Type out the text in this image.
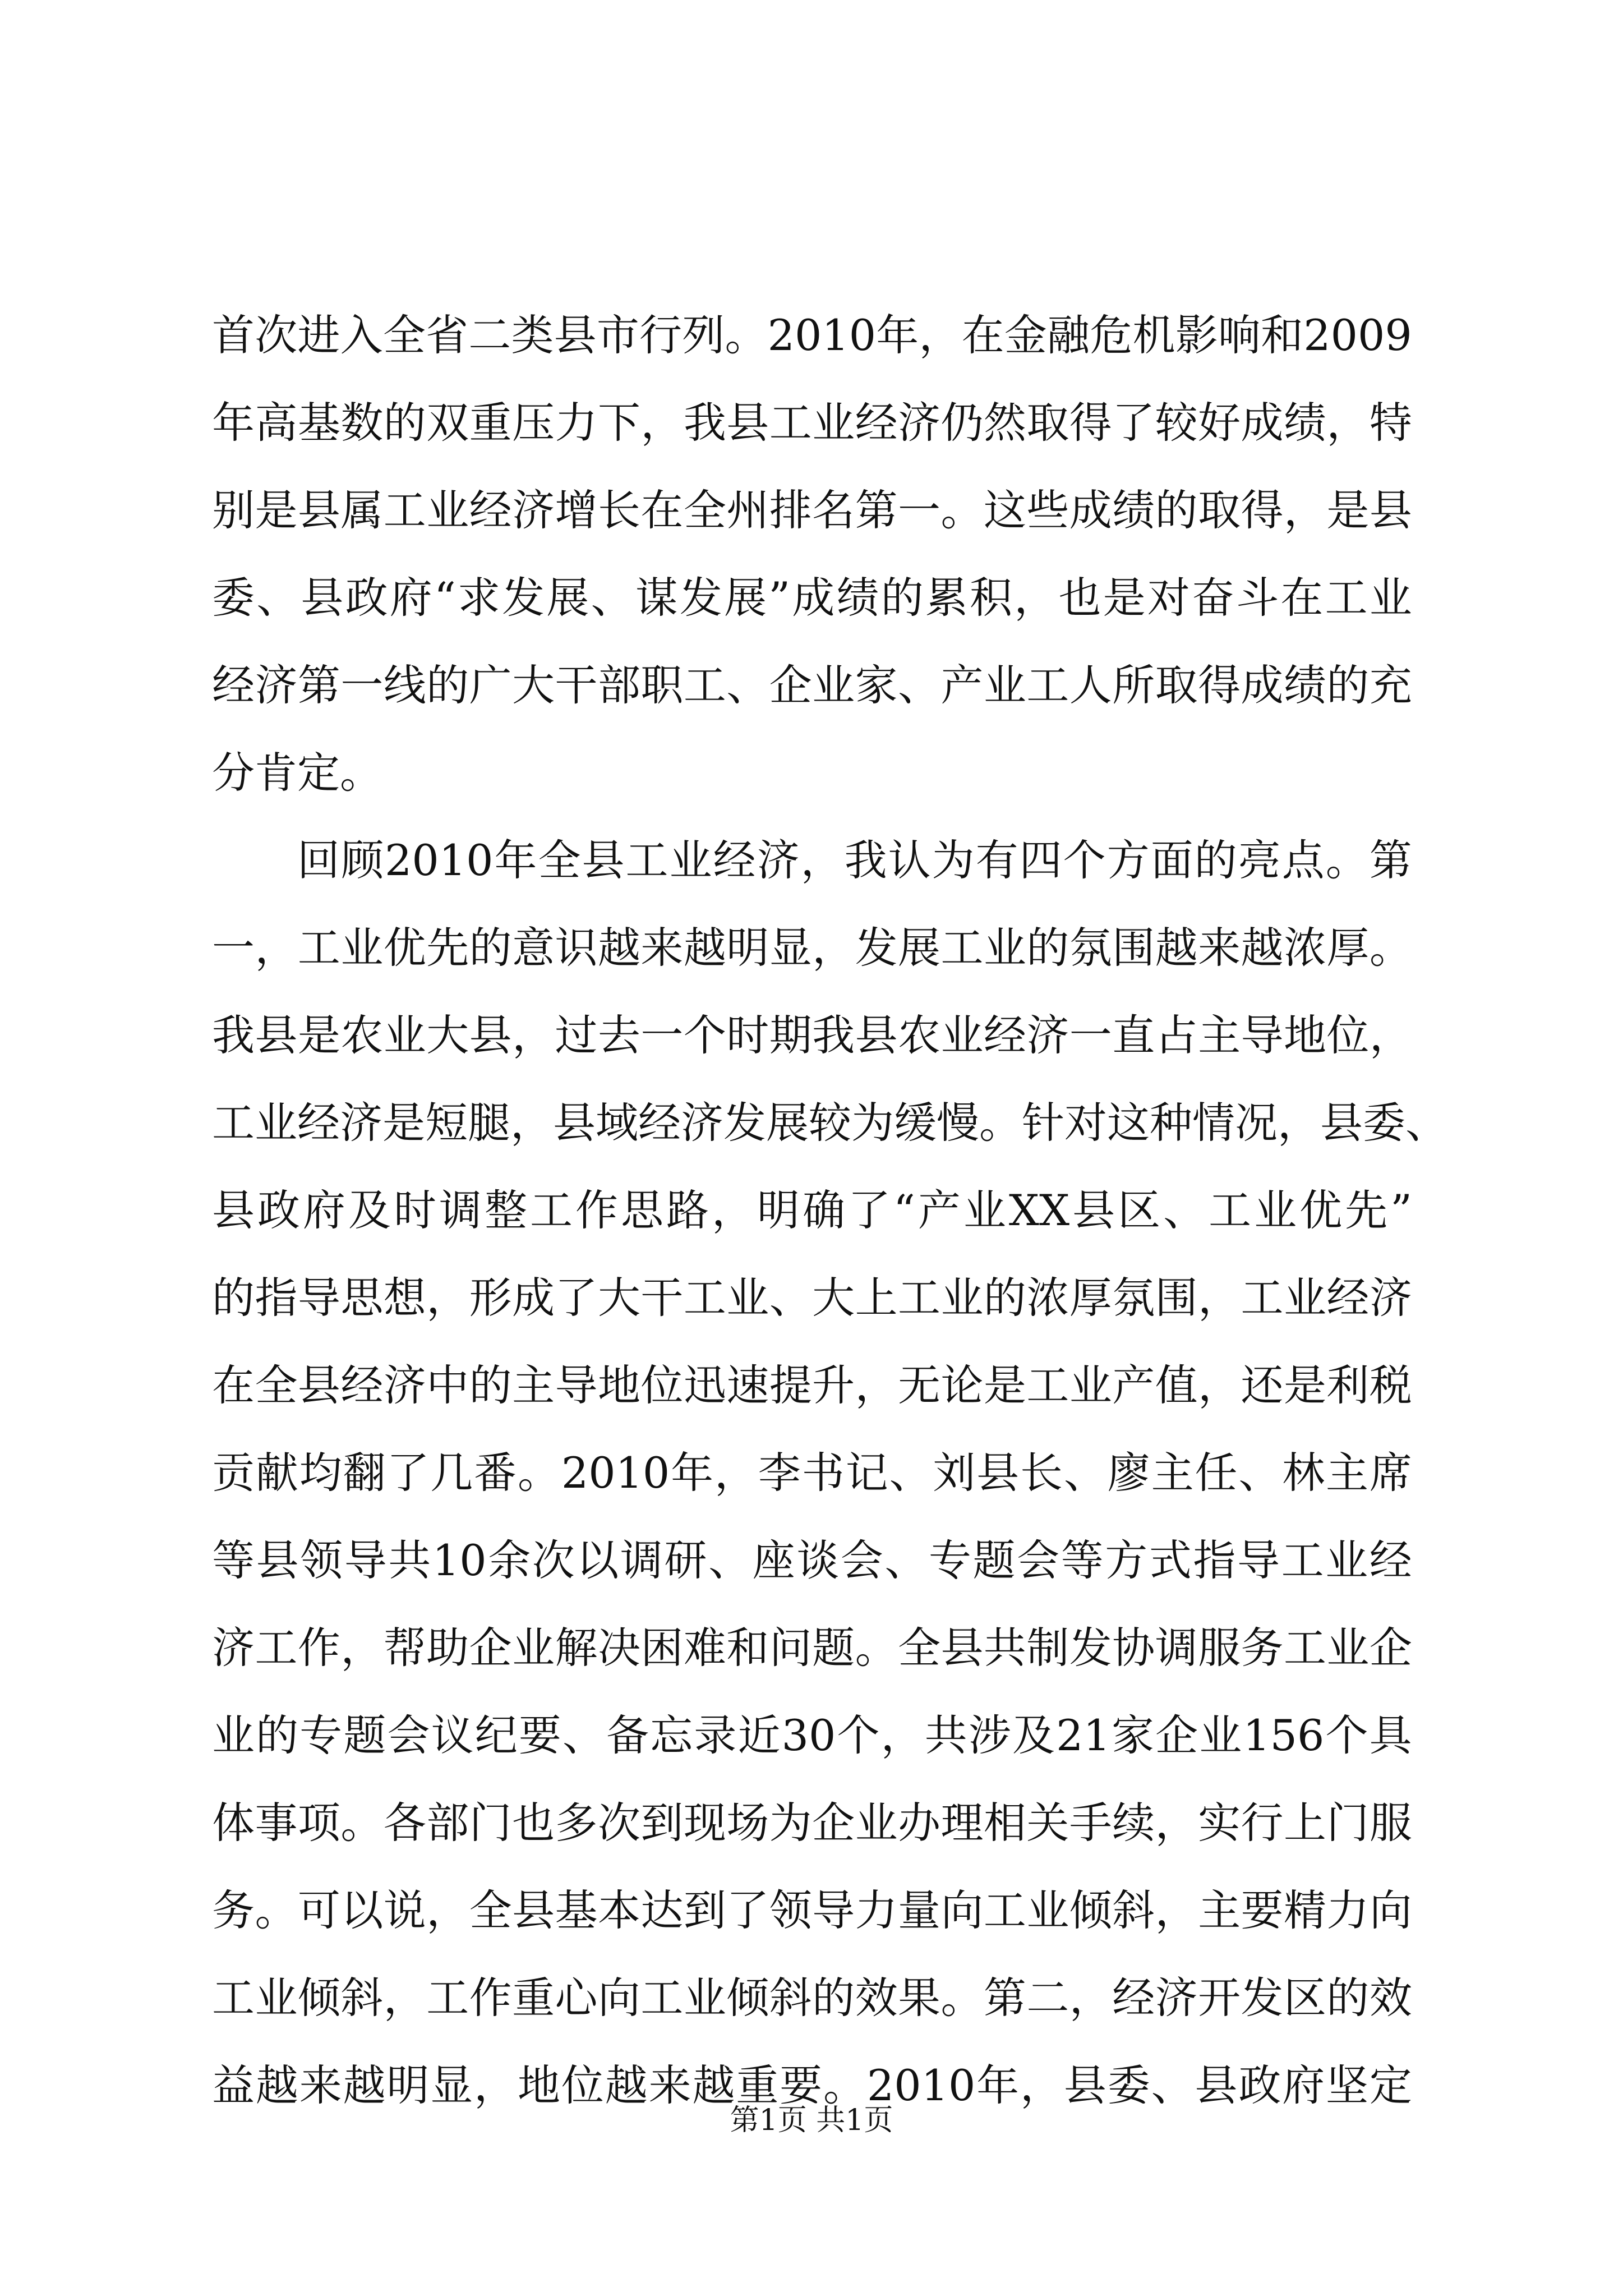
首 次 进 入 全 省 二 类 县 市 行 列 。 2010 年 ， 在 金 融 危 机 影 响 和 2009
年 高 基 数 的 双 重 压 力 下 ， 我 县 工 业 经 济 仍 然 取 得 了 较 好 成 绩 ， 特
别 是 县 属 工 业 经 济 增 长 在 全 州 排 名 第 一 。 这 些 成 绩 的 取 得 ， 是 县
委 、 县 政 府 “ 求 发 展 、 谋 发 展 ” 成 绩 的 累 积 ， 也 是 对 奋 斗 在 工 业
经 济 第 一 线 的 广 大 干 部 职 工 、 企 业 家 、 产 业 工 人 所 取 得 成 绩 的 充
分肯定。
回 顾 2010 年 全 县 工 业 经 济 ， 我 认 为 有 四 个 方 面 的 亮 点 。 第
一 ， 工 业 优 先 的 意 识 越 来 越 明 显 ， 发 展 工 业 的 氛 围 越 来 越 浓 厚 。
我 县 是 农 业 大 县 ， 过 去 一 个 时 期 我 县 农 业 经 济 一 直 占 主 导 地 位 ，
工 业 经 济 是 短 腿 ， 县 域 经 济 发 展 较 为 缓 慢 。 针 对 这 种 情 况 ， 县 委 、
县 政 府 及 时 调 整 工 作 思 路 ， 明 确 了 “ 产 业 XX 县 区 、 工 业 优 先 ”
的 指 导 思 想 ， 形 成 了 大 干 工 业 、 大 上 工 业 的 浓 厚 氛 围 ， 工 业 经 济
在 全 县 经 济 中 的 主 导 地 位 迅 速 提 升 ， 无 论 是 工 业 产 值 ， 还 是 利 税
贡 献 均 翻 了 几 番 。 2010 年 ， 李 书 记 、 刘 县 长 、 廖 主 任 、 林 主 席
等 县 领 导 共 10 余 次 以 调 研 、 座 谈 会 、 专 题 会 等 方 式 指 导 工 业 经
济 工 作 ， 帮 助 企 业 解 决 困 难 和 问 题 。 全 县 共 制 发 协 调 服 务 工 业 企
业 的 专 题 会 议 纪 要 、 备 忘 录 近 30 个 ， 共 涉 及 21 家 企 业 156 个 具
体 事 项 。 各 部 门 也 多 次 到 现 场 为 企 业 办 理 相 关 手 续 ， 实 行 上 门 服
务 。 可 以 说 ， 全 县 基 本 达 到 了 领 导 力 量 向 工 业 倾 斜 ， 主 要 精 力 向
工 业 倾 斜 ， 工 作 重 心 向 工 业 倾 斜 的 效 果 。 第 二 ， 经 济 开 发 区 的 效
益 越 来 越 明 显 ， 地 位 越 来 越 重 要 。 2010 年 ， 县 委 、 县 政 府 坚 定
第1页 共1页
